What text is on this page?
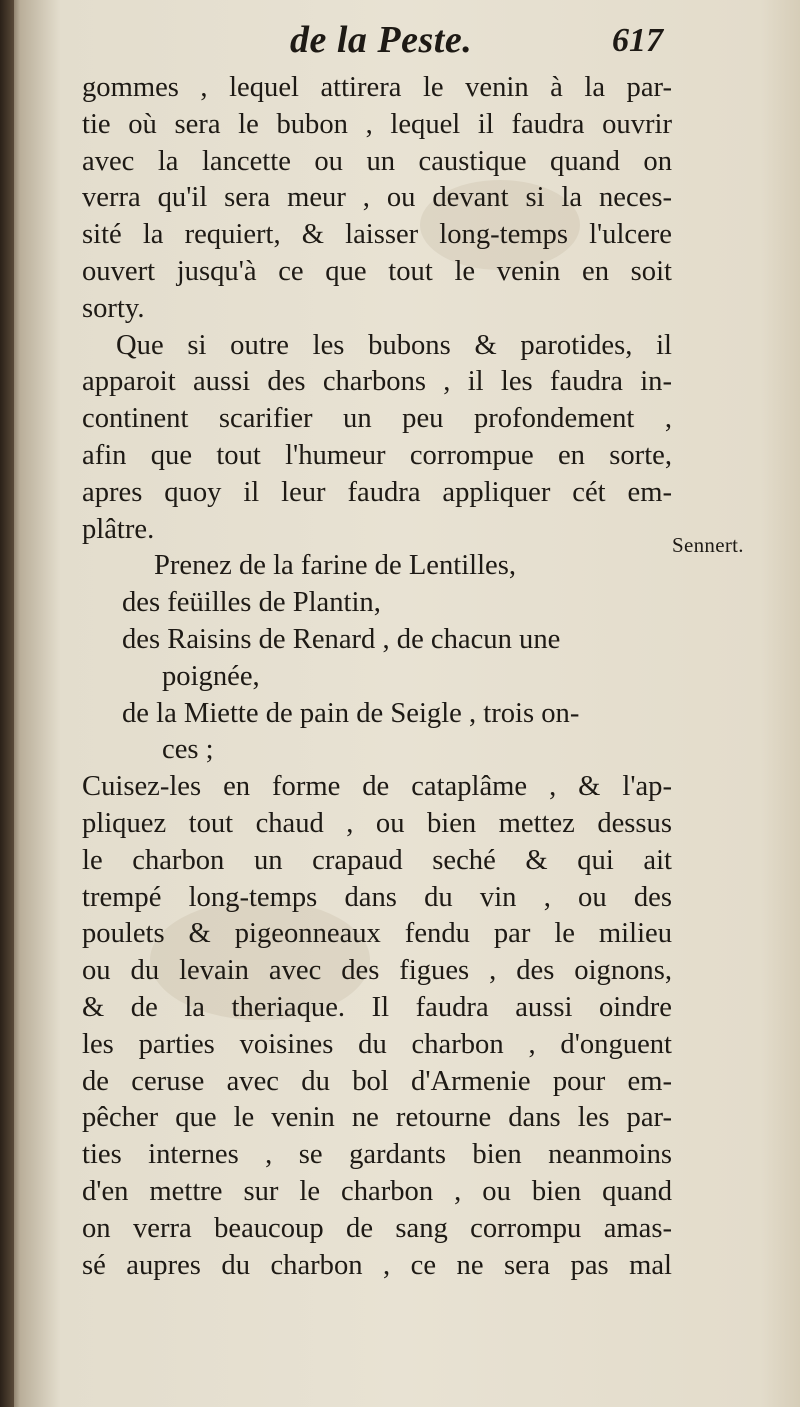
de la Peste.	617
Sennert.
gommes , lequel attirera le venin à la par-
tie où sera le bubon , lequel il faudra ouvrir
avec la lancette ou un caustique quand on
verra qu'il sera meur , ou devant si la neces-
sité la requiert, & laisser long-temps l'ulcere
ouvert jusqu'à ce que tout le venin en soit
sorty.
Que si outre les bubons & parotides, il
apparoit aussi des charbons , il les faudra in-
continent scarifier un peu profondement ,
afin que tout l'humeur corrompue en sorte,
apres quoy il leur faudra appliquer cét em-
plâtre.
Prenez de la farine de Lentilles,
des feüilles de Plantin,
des Raisins de Renard , de chacun une
poignée,
de la Miette de pain de Seigle , trois on-
ces ;
Cuisez-les en forme de cataplâme , & l'ap-
pliquez tout chaud , ou bien mettez dessus
le charbon un crapaud seché & qui ait
trempé long-temps dans du vin , ou des
poulets & pigeonneaux fendu par le milieu
ou du levain avec des figues , des oignons,
& de la theriaque. Il faudra aussi oindre
les parties voisines du charbon , d'onguent
de ceruse avec du bol d'Armenie pour em-
pêcher que le venin ne retourne dans les par-
ties internes , se gardants bien neanmoins
d'en mettre sur le charbon , ou bien quand
on verra beaucoup de sang corrompu amas-
sé aupres du charbon , ce ne sera pas mal
